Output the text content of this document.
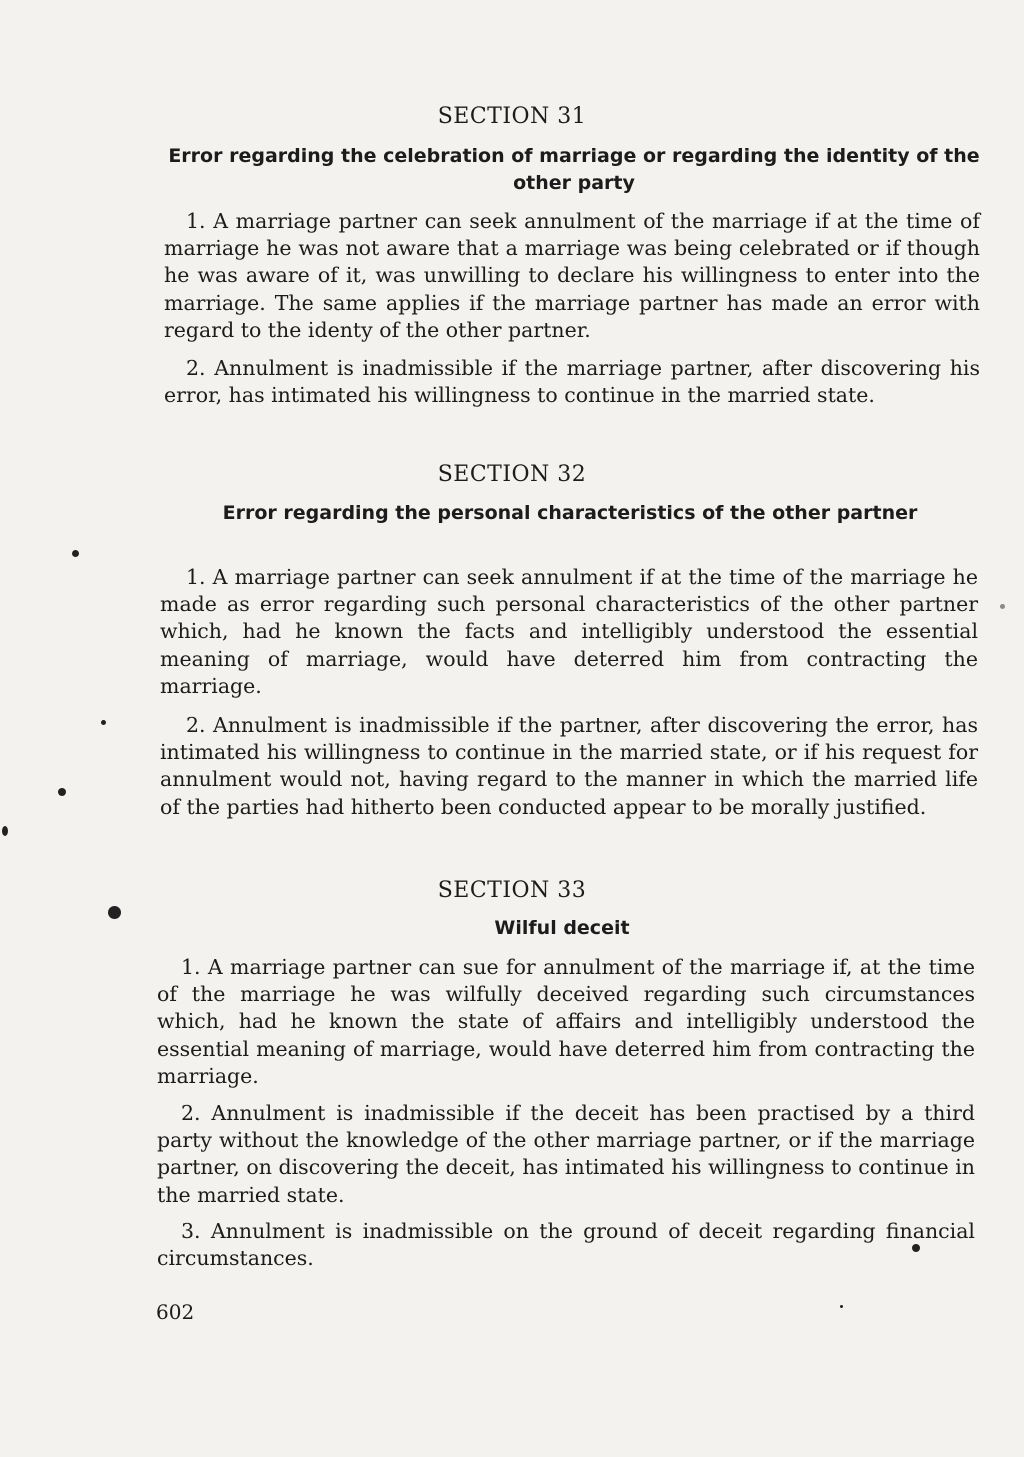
SECTION 31
Error regarding the celebration of marriage or regarding the identity of the other party

1. A marriage partner can seek annulment of the marriage if at the time of marriage he was not aware that a marriage was being celebrated or if though he was aware of it, was unwilling to declare his willingness to enter into the marriage. The same applies if the marriage partner has made an error with regard to the identy of the other partner.

2. Annulment is inadmissible if the marriage partner, after discovering his error, has intimated his willingness to continue in the married state.

SECTION 32
Error regarding the personal characteristics of the other partner

1. A marriage partner can seek annulment if at the time of the marriage he made as error regarding such personal characteristics of the other partner which, had he known the facts and intelligibly understood the essential meaning of marriage, would have deterred him from contracting the marriage.

2. Annulment is inadmissible if the partner, after discovering the error, has intimated his willingness to continue in the married state, or if his request for annulment would not, having regard to the manner in which the married life of the parties had hitherto been conducted appear to be morally justified.

SECTION 33
Wilful deceit

1. A marriage partner can sue for annulment of the marriage if, at the time of the marriage he was wilfully deceived regarding such circumstances which, had he known the state of affairs and intelligibly understood the essential meaning of marriage, would have deterred him from contracting the marriage.

2. Annulment is inadmissible if the deceit has been practised by a third party without the knowledge of the other marriage partner, or if the marriage partner, on discovering the deceit, has intimated his willingness to continue in the married state.

3. Annulment is inadmissible on the ground of deceit regarding financial circumstances.

602
